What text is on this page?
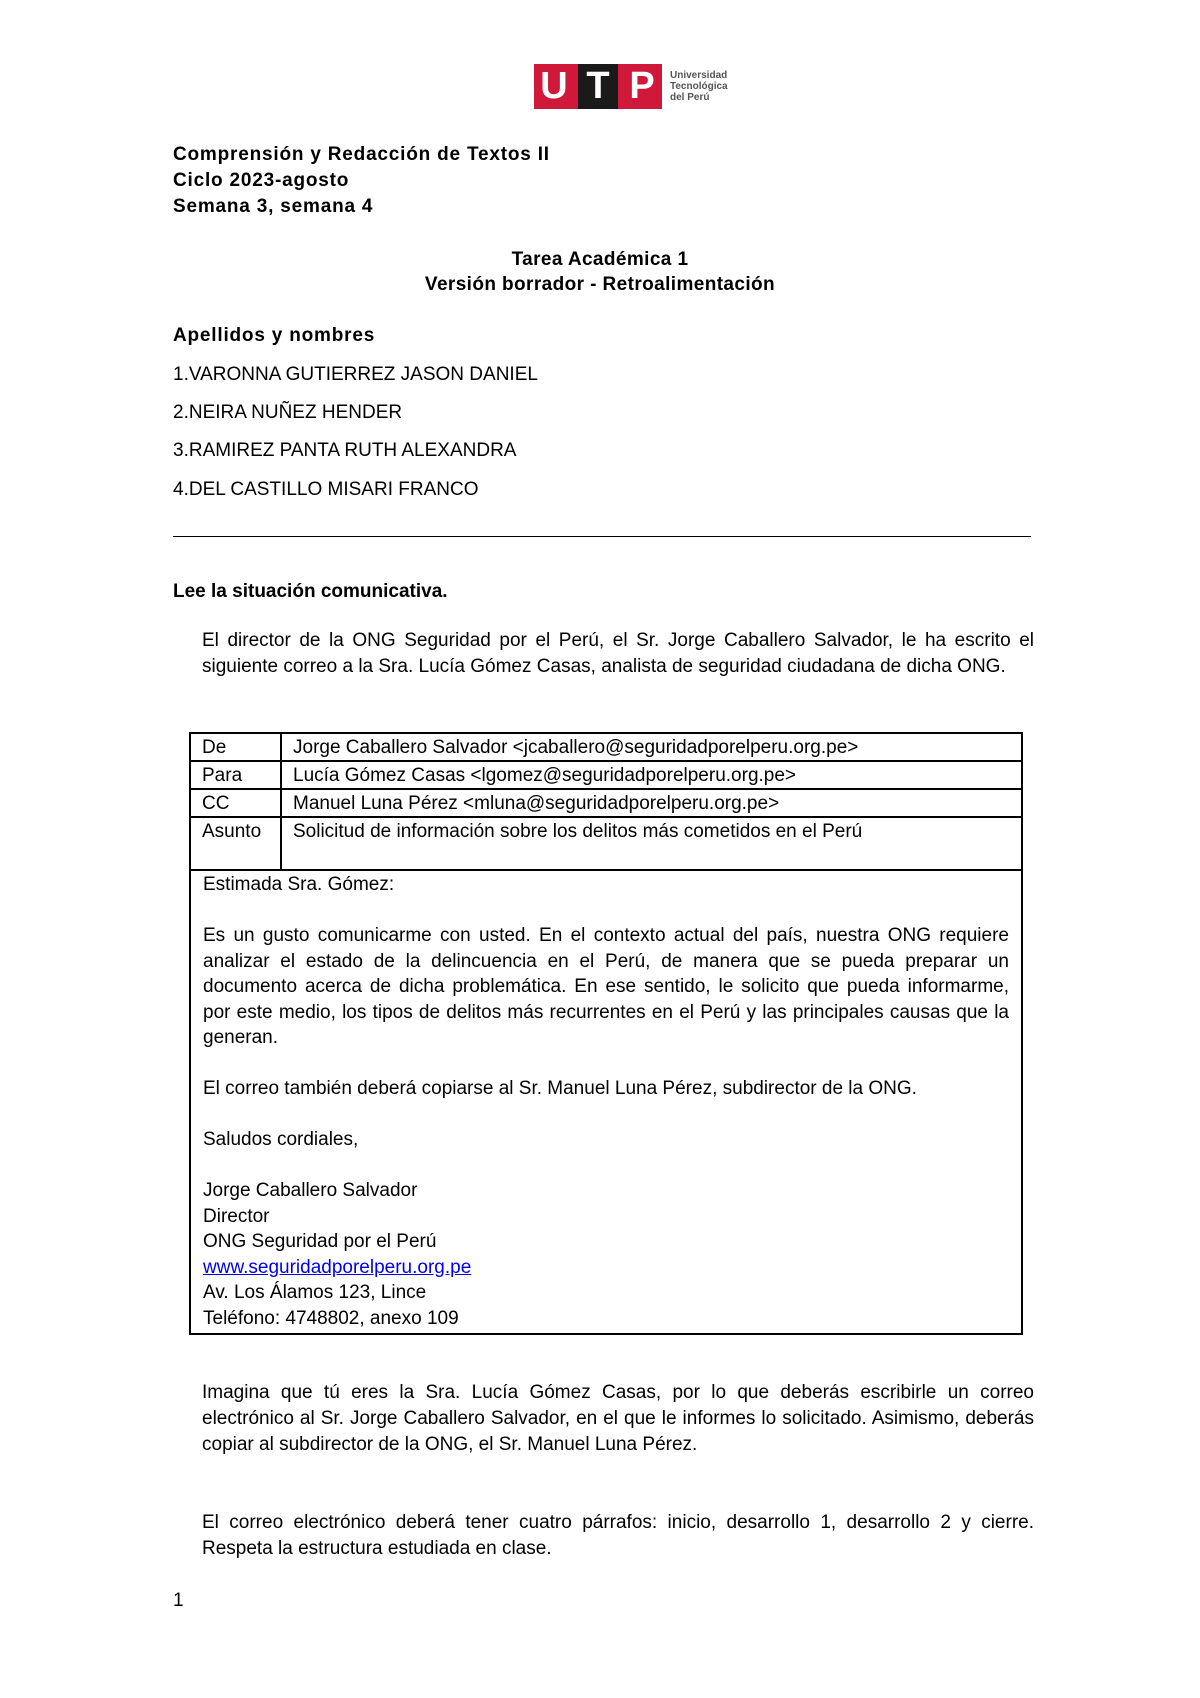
U T P	Universidad
Tecnológica
del Perú
Comprensión y Redacción de Textos II
Ciclo 2023-agosto
Semana 3, semana 4
Tarea Académica 1
Versión borrador - Retroalimentación
Apellidos y nombres
1.VARONNA GUTIERREZ JASON DANIEL
2.NEIRA NUÑEZ HENDER
3.RAMIREZ PANTA RUTH ALEXANDRA
4.DEL CASTILLO MISARI FRANCO
Lee la situación comunicativa.
El director de la ONG Seguridad por el Perú, el Sr. Jorge Caballero Salvador, le ha escrito el siguiente correo a la Sra. Lucía Gómez Casas, analista de seguridad ciudadana de dicha ONG.
De	Jorge Caballero Salvador <jcaballero@seguridadporelperu.org.pe>
Para	Lucía Gómez Casas <lgomez@seguridadporelperu.org.pe>
CC	Manuel Luna Pérez <mluna@seguridadporelperu.org.pe>
Asunto	Solicitud de información sobre los delitos más cometidos en el Perú

Estimada Sra. Gómez:

Es un gusto comunicarme con usted. En el contexto actual del país, nuestra ONG requiere analizar el estado de la delincuencia en el Perú, de manera que se pueda preparar un documento acerca de dicha problemática. En ese sentido, le solicito que pueda informarme, por este medio, los tipos de delitos más recurrentes en el Perú y las principales causas que la generan.

El correo también deberá copiarse al Sr. Manuel Luna Pérez, subdirector de la ONG.

Saludos cordiales,

Jorge Caballero Salvador

Director

ONG Seguridad por el Perú

www.seguridadporelperu.org.pe

Av. Los Álamos 123, Lince

Teléfono: 4748802, anexo 109

Imagina que tú eres la Sra. Lucía Gómez Casas, por lo que deberás escribirle un correo electrónico al Sr. Jorge Caballero Salvador, en el que le informes lo solicitado. Asimismo, deberás copiar al subdirector de la ONG, el Sr. Manuel Luna Pérez.
El correo electrónico deberá tener cuatro párrafos: inicio, desarrollo 1, desarrollo 2 y cierre. Respeta la estructura estudiada en clase.
1
